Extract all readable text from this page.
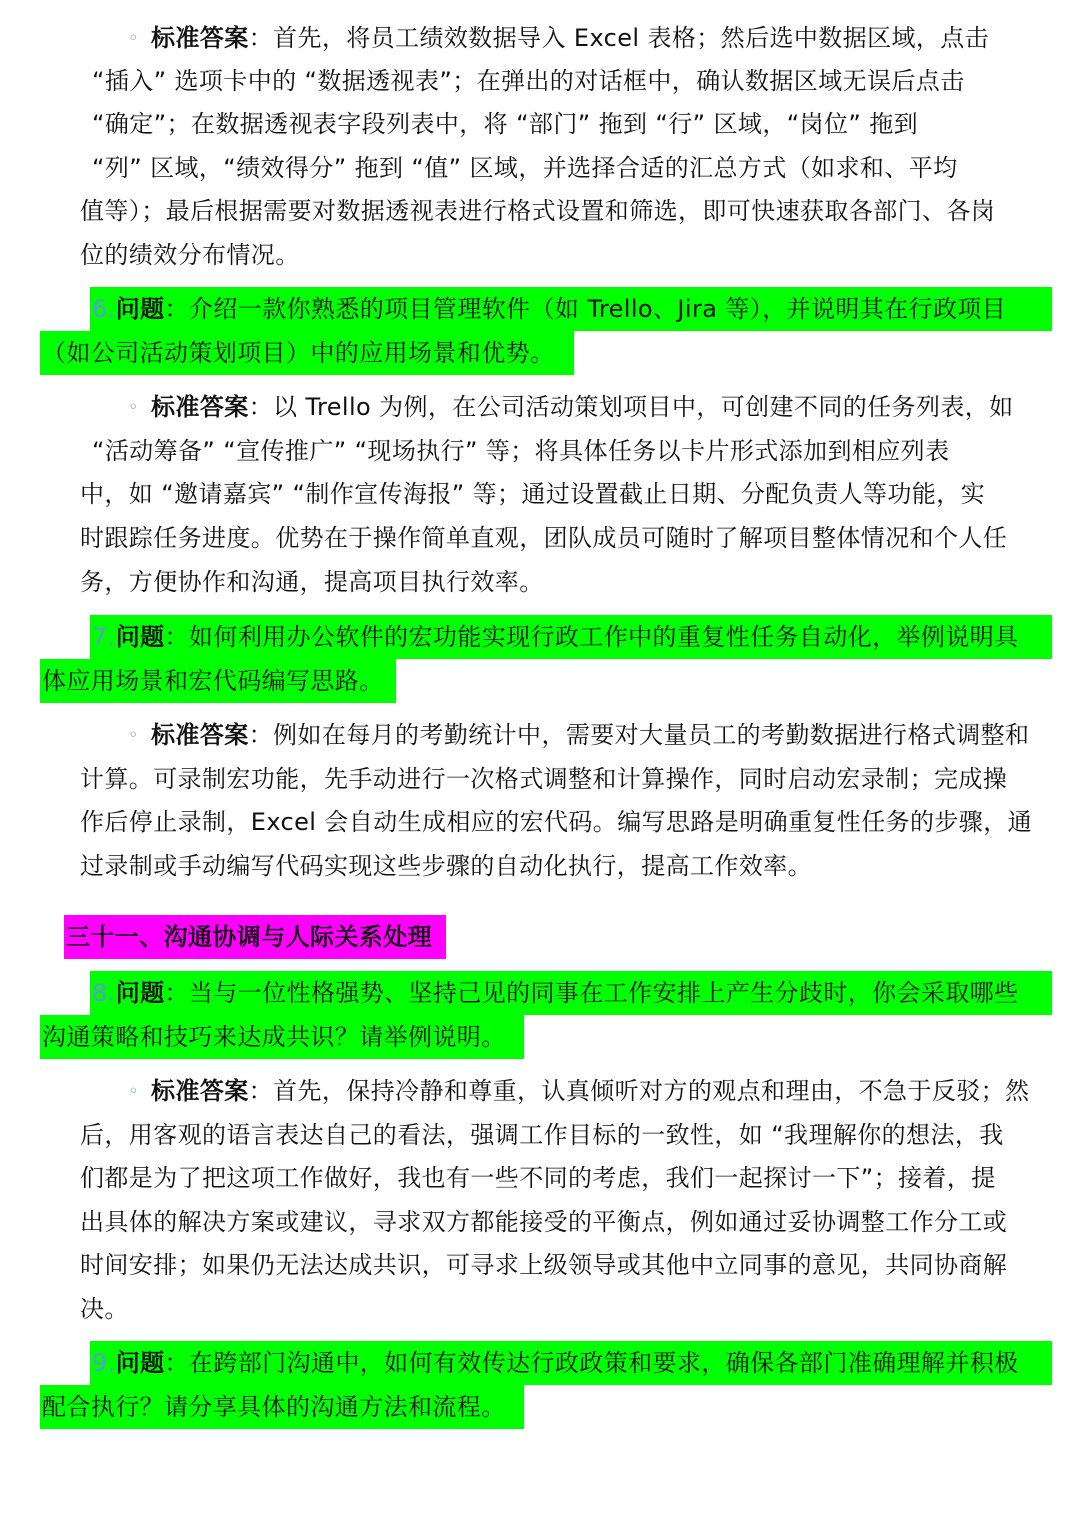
◦ 标准答案：首先，将员工绩效数据导入 Excel 表格；然后选中数据区域，点击
“插入” 选项卡中的 “数据透视表”；在弹出的对话框中，确认数据区域无误后点击
“确定”；在数据透视表字段列表中，将 “部门” 拖到 “行” 区域，“岗位” 拖到
“列” 区域，“绩效得分” 拖到 “值” 区域，并选择合适的汇总方式（如求和、平均
值等）；最后根据需要对数据透视表进行格式设置和筛选，即可快速获取各部门、各岗
位的绩效分布情况。
6.问题：介绍一款你熟悉的项目管理软件（如 Trello、Jira 等），并说明其在行政项目
（如公司活动策划项目）中的应用场景和优势。
◦ 标准答案：以 Trello 为例，在公司活动策划项目中，可创建不同的任务列表，如
“活动筹备” “宣传推广” “现场执行” 等；将具体任务以卡片形式添加到相应列表
中，如 “邀请嘉宾” “制作宣传海报” 等；通过设置截止日期、分配负责人等功能，实
时跟踪任务进度。优势在于操作简单直观，团队成员可随时了解项目整体情况和个人任
务，方便协作和沟通，提高项目执行效率。
7.问题：如何利用办公软件的宏功能实现行政工作中的重复性任务自动化，举例说明具
体应用场景和宏代码编写思路。
◦ 标准答案：例如在每月的考勤统计中，需要对大量员工的考勤数据进行格式调整和
计算。可录制宏功能，先手动进行一次格式调整和计算操作，同时启动宏录制；完成操
作后停止录制，Excel 会自动生成相应的宏代码。编写思路是明确重复性任务的步骤，通
过录制或手动编写代码实现这些步骤的自动化执行，提高工作效率。
三十一、沟通协调与人际关系处理
8.问题：当与一位性格强势、坚持己见的同事在工作安排上产生分歧时，你会采取哪些
沟通策略和技巧来达成共识？请举例说明。
◦ 标准答案：首先，保持冷静和尊重，认真倾听对方的观点和理由，不急于反驳；然
后，用客观的语言表达自己的看法，强调工作目标的一致性，如 “我理解你的想法，我
们都是为了把这项工作做好，我也有一些不同的考虑，我们一起探讨一下”；接着，提
出具体的解决方案或建议，寻求双方都能接受的平衡点，例如通过妥协调整工作分工或
时间安排；如果仍无法达成共识，可寻求上级领导或其他中立同事的意见，共同协商解
决。
9.问题：在跨部门沟通中，如何有效传达行政政策和要求，确保各部门准确理解并积极
配合执行？请分享具体的沟通方法和流程。
